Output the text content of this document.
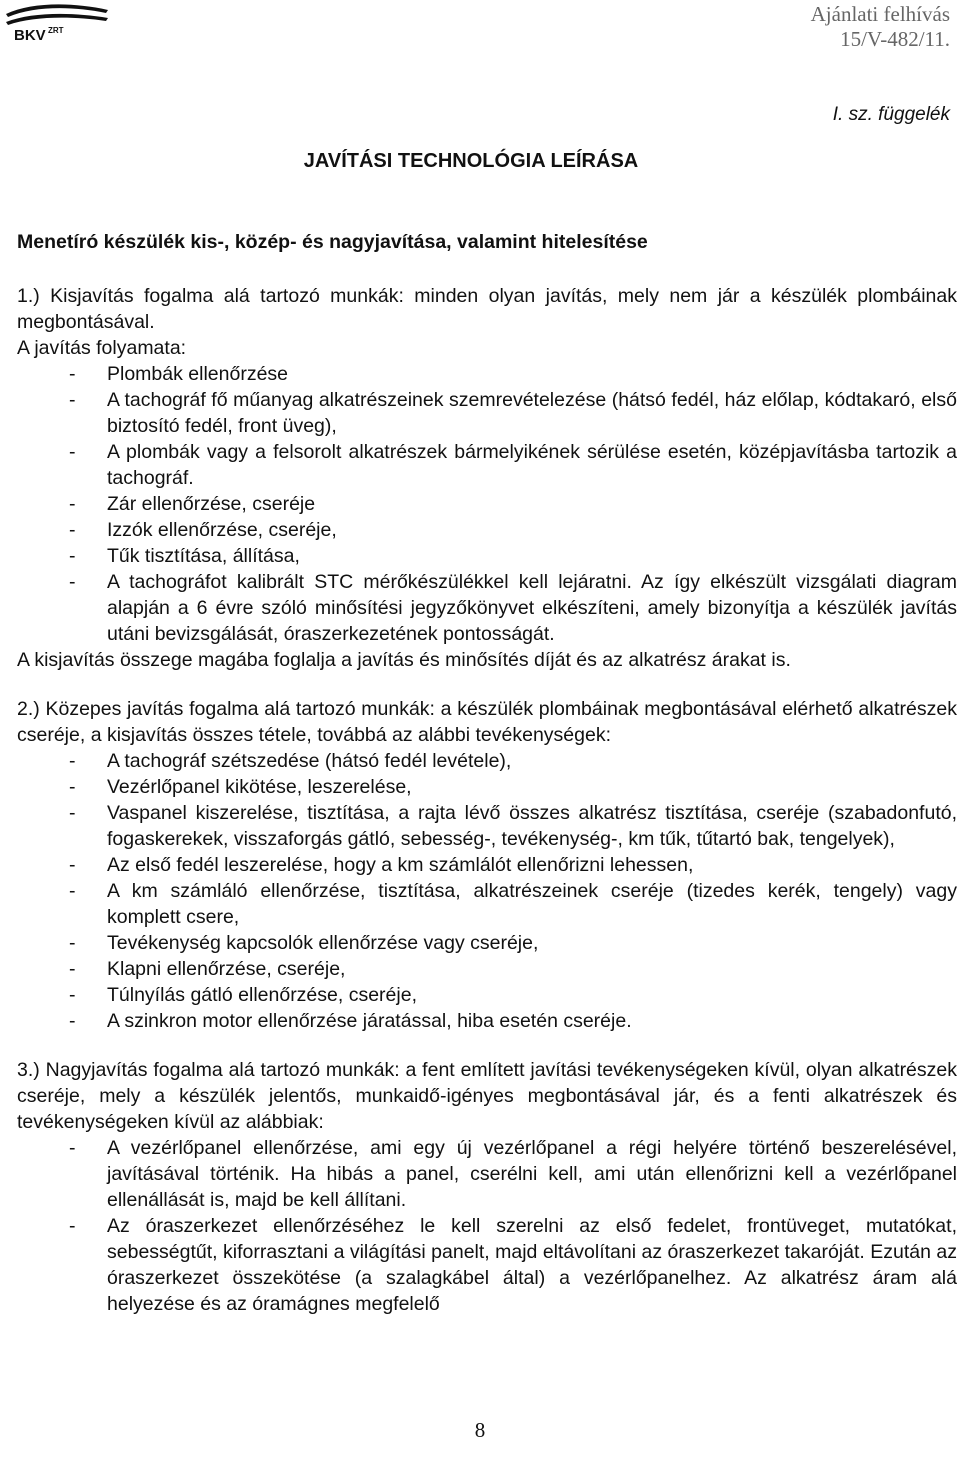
BKV ZRT
Ajánlati felhívás
15/V-482/11.
I. sz. függelék
JAVÍTÁSI TECHNOLÓGIA LEÍRÁSA
Menetíró készülék kis-, közép- és nagyjavítása, valamint hitelesítése

1.) Kisjavítás fogalma alá tartozó munkák: minden olyan javítás, mely nem jár a készülék plombáinak megbontásával.

A javítás folyamata:

-	Plombák ellenőrzése
-	A tachográf fő műanyag alkatrészeinek szemrevételezése (hátsó fedél, ház előlap, kódtakaró, első biztosító fedél, front üveg),
-	A plombák vagy a felsorolt alkatrészek bármelyikének sérülése esetén, középjavításba tartozik a tachográf.
-	Zár ellenőrzése, cseréje
-	Izzók ellenőrzése, cseréje,
-	Tűk tisztítása, állítása,
-	A tachográfot kalibrált STC mérőkészülékkel kell lejáratni. Az így elkészült vizsgálati diagram alapján a 6 évre szóló minősítési jegyzőkönyvet elkészíteni, amely bizonyítja a készülék javítás utáni bevizsgálását, óraszerkezetének pontosságát.

A kisjavítás összege magába foglalja a javítás és minősítés díját és az alkatrész árakat is.

2.) Közepes javítás fogalma alá tartozó munkák: a készülék plombáinak megbontásával elérhető alkatrészek cseréje, a kisjavítás összes tétele, továbbá az alábbi tevékenységek:

-	A tachográf szétszedése (hátsó fedél levétele),
-	Vezérlőpanel kikötése, leszerelése,
-	Vaspanel kiszerelése, tisztítása, a rajta lévő összes alkatrész tisztítása, cseréje (szabadonfutó, fogaskerekek, visszaforgás gátló, sebesség-, tevékenység-, km tűk, tűtartó bak, tengelyek),
-	Az első fedél leszerelése, hogy a km számlálót ellenőrizni lehessen,
-	A km számláló ellenőrzése, tisztítása, alkatrészeinek cseréje (tizedes kerék, tengely) vagy komplett csere,
-	Tevékenység kapcsolók ellenőrzése vagy cseréje,
-	Klapni ellenőrzése, cseréje,
-	Túlnyílás gátló ellenőrzése, cseréje,
-	A szinkron motor ellenőrzése járatással, hiba esetén cseréje.

3.) Nagyjavítás fogalma alá tartozó munkák: a fent említett javítási tevékenységeken kívül, olyan alkatrészek cseréje, mely a készülék jelentős, munkaidő-igényes megbontásával jár, és a fenti alkatrészek és tevékenységeken kívül az alábbiak:

-	A vezérlőpanel ellenőrzése, ami egy új vezérlőpanel a régi helyére történő beszerelésével, javításával történik. Ha hibás a panel, cserélni kell, ami után ellenőrizni kell a vezérlőpanel ellenállását is, majd be kell állítani.
-	Az óraszerkezet ellenőrzéséhez le kell szerelni az első fedelet, frontüveget, mutatókat, sebességtűt, kiforrasztani a világítási panelt, majd eltávolítani az óraszerkezet takaróját. Ezután az óraszerkezet összekötése (a szalagkábel által) a vezérlőpanelhez. Az alkatrész áram alá helyezése és az óramágnes megfelelő
8
